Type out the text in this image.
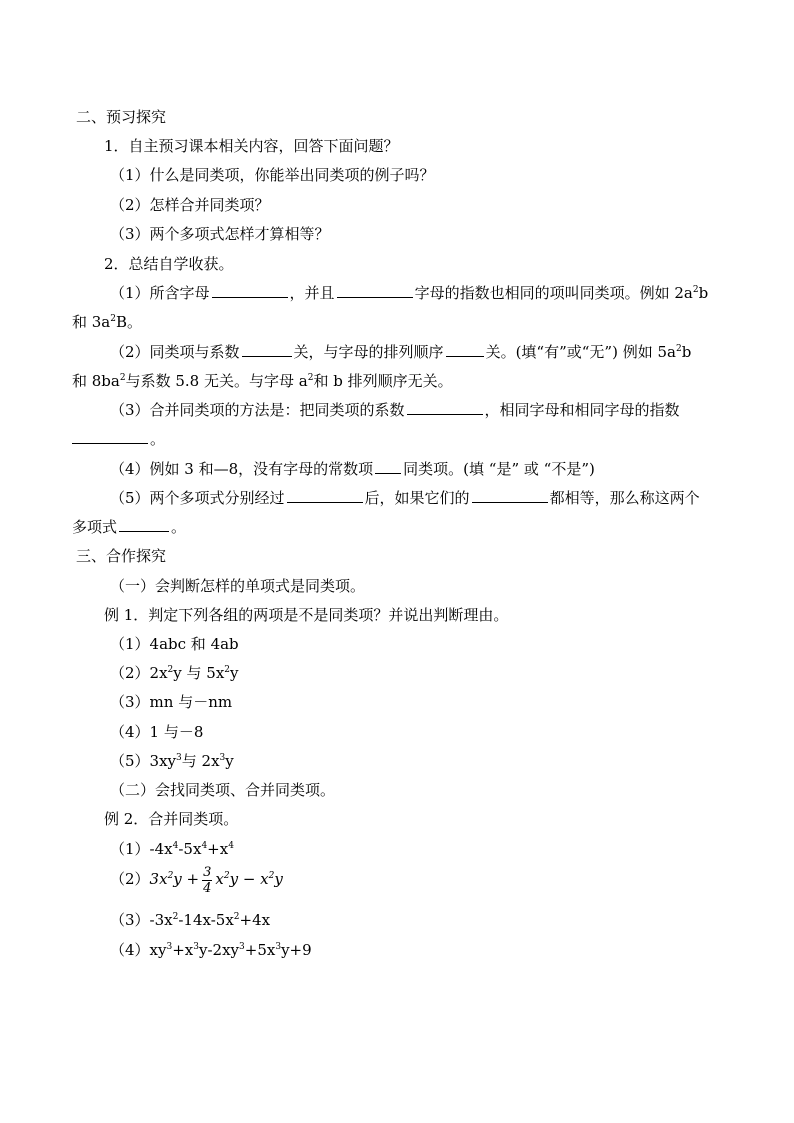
二、预习探究
1．自主预习课本相关内容，回答下面问题？
（1）什么是同类项，你能举出同类项的例子吗？
（2）怎样合并同类项？
（3）两个多项式怎样才算相等？
2．总结自学收获。
（1）所含字母	，并且	字母的指数也相同的项叫同类项。例如 $2a^2b$
和 $3a^2B$。
（2）同类项与系数	关，与字母的排列顺序	关。(填“有”或“无”) 例如 $5a^2b$
和 $8ba^2$与系数 5.8 无关。与字母 $a^2$和 b 排列顺序无关。
（3）合并同类项的方法是：把同类项的系数	，相同字母和相同字母的指数
。
（4）例如 3 和—8，没有字母的常数项 同类项。(填 “是” 或 “不是”)
（5）两个多项式分别经过	后，如果它们的	都相等，那么称这两个
多项式	。
三、合作探究
（一）会判断怎样的单项式是同类项。
例 1．判定下列各组的两项是不是同类项？并说出判断理由。
（1）4abc 和 4ab
$(2)2x^2y$ 与 $5x^2y$
（3）mn 与－nm
（4）1 与－8
$(5)3xy^3$与 $2x^3y$
（二）会找同类项、合并同类项。
例 2．合并同类项。
$(1)-4x^4-5x^4+x^4$
$(2)3x^2y + \frac{3}{4} x^2y - x^2y$
$(3)-3x^2-14x-5x^2+4x$
$(4)xy^3+x^3y-2xy^3+5x^3y+9$
